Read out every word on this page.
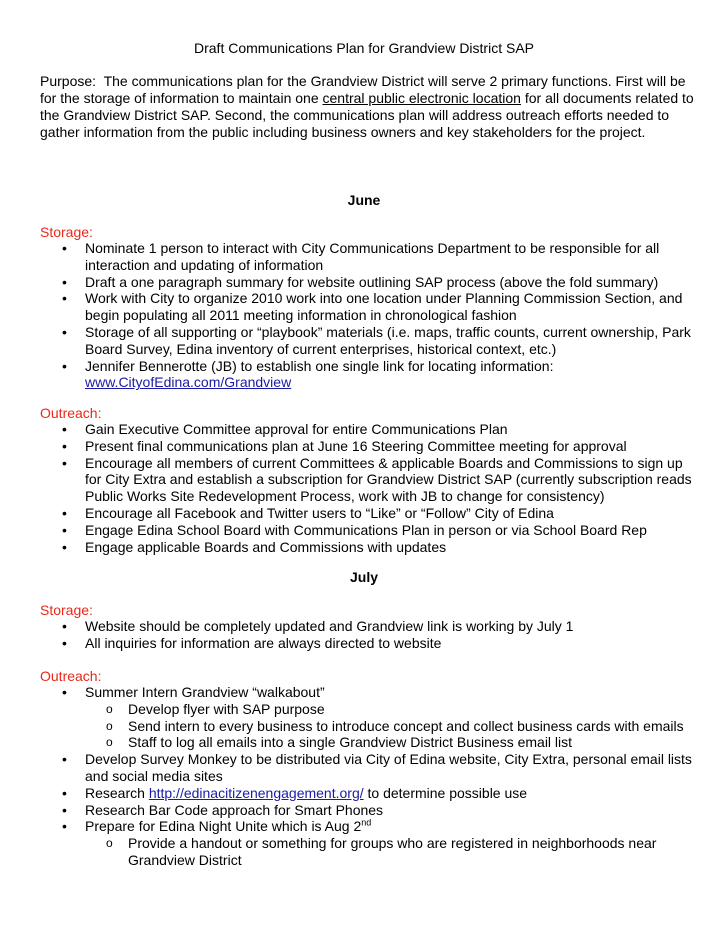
Draft Communications Plan for Grandview District SAP
Purpose: The communications plan for the Grandview District will serve 2 primary functions. First will be for the storage of information to maintain one central public electronic location for all documents related to the Grandview District SAP. Second, the communications plan will address outreach efforts needed to gather information from the public including business owners and key stakeholders for the project.
June
Storage:
• Nominate 1 person to interact with City Communications Department to be responsible for all interaction and updating of information
• Draft a one paragraph summary for website outlining SAP process (above the fold summary)
• Work with City to organize 2010 work into one location under Planning Commission Section, and begin populating all 2011 meeting information in chronological fashion
• Storage of all supporting or “playbook” materials (i.e. maps, traffic counts, current ownership, Park Board Survey, Edina inventory of current enterprises, historical context, etc.)
• Jennifer Bennerotte (JB) to establish one single link for locating information:
www.CityofEdina.com/Grandview
Outreach:
• Gain Executive Committee approval for entire Communications Plan
• Present final communications plan at June 16 Steering Committee meeting for approval
• Encourage all members of current Committees & applicable Boards and Commissions to sign up for City Extra and establish a subscription for Grandview District SAP (currently subscription reads Public Works Site Redevelopment Process, work with JB to change for consistency)
• Encourage all Facebook and Twitter users to “Like” or “Follow” City of Edina
• Engage Edina School Board with Communications Plan in person or via School Board Rep
• Engage applicable Boards and Commissions with updates
July
Storage:
• Website should be completely updated and Grandview link is working by July 1
• All inquiries for information are always directed to website
Outreach:
• Summer Intern Grandview “walkabout”
o Develop flyer with SAP purpose
o Send intern to every business to introduce concept and collect business cards with emails
o Staff to log all emails into a single Grandview District Business email list
• Develop Survey Monkey to be distributed via City of Edina website, City Extra, personal email lists and social media sites
• Research http://edinacitizenengagement.org/ to determine possible use
• Research Bar Code approach for Smart Phones
• Prepare for Edina Night Unite which is Aug 2nd
o Provide a handout or something for groups who are registered in neighborhoods near Grandview District
